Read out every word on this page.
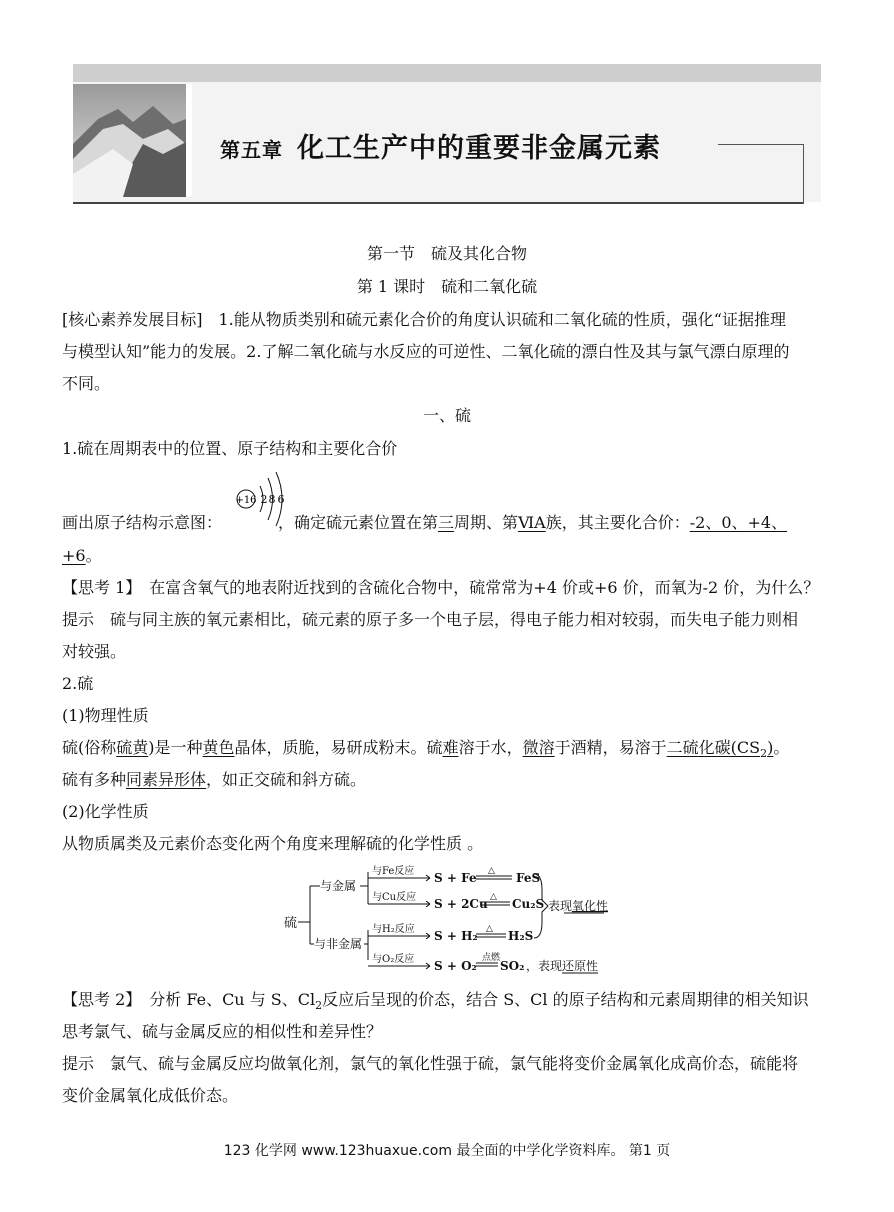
第五章 化工生产中的重要非金属元素
第一节　硫及其化合物
第 1 课时　硫和二氧化硫
[核心素养发展目标]　1.能从物质类别和硫元素化合价的角度认识硫和二氧化硫的性质，强化“证据推理
与模型认知”能力的发展。2.了解二氧化硫与水反应的可逆性、二氧化硫的漂白性及其与氯气漂白原理的
不同。
一、硫
1.硫在周期表中的位置、原子结构和主要化合价
画出原子结构示意图：	，确定硫元素位置在第三周期、第ⅥA族，其主要化合价：-2、0、+4、
+6。
+16 2 8 6
【思考 1】　在富含氧气的地表附近找到的含硫化合物中，硫常常为+4 价或+6 价，而氧为-2 价，为什么？
提示　硫与同主族的氧元素相比，硫元素的原子多一个电子层，得电子能力相对较弱，而失电子能力则相
对较强。
2.硫
(1)物理性质
硫(俗称硫黄)是一种黄色晶体，质脆，易研成粉末。硫难溶于水，微溶于酒精，易溶于二硫化碳$(CS_2)$。
硫有多种同素异形体，如正交硫和斜方硫。
(2)化学性质
从物质属类及元素价态变化两个角度来理解硫的化学性质 。
硫
与金属
与非金属
与Fe反应 S + Fe △ FeS
与Cu反应 S + 2Cu △ Cu₂S
与H₂反应 S + H₂ △ H₂S
表现氧化性
与O₂反应 S + O₂
点燃
SO₂ ，表现还原性
【思考 2】　分析 Fe、Cu 与 S、$Cl_2$反应后呈现的价态，结合 S、Cl 的原子结构和元素周期律的相关知识
思考氯气、硫与金属反应的相似性和差异性？
提示　氯气、硫与金属反应均做氧化剂，氯气的氧化性强于硫，氯气能将变价金属氧化成高价态，硫能将
变价金属氧化成低价态。
123 化学网 www.123huaxue.com 最全面的中学化学资料库。 第1 页
